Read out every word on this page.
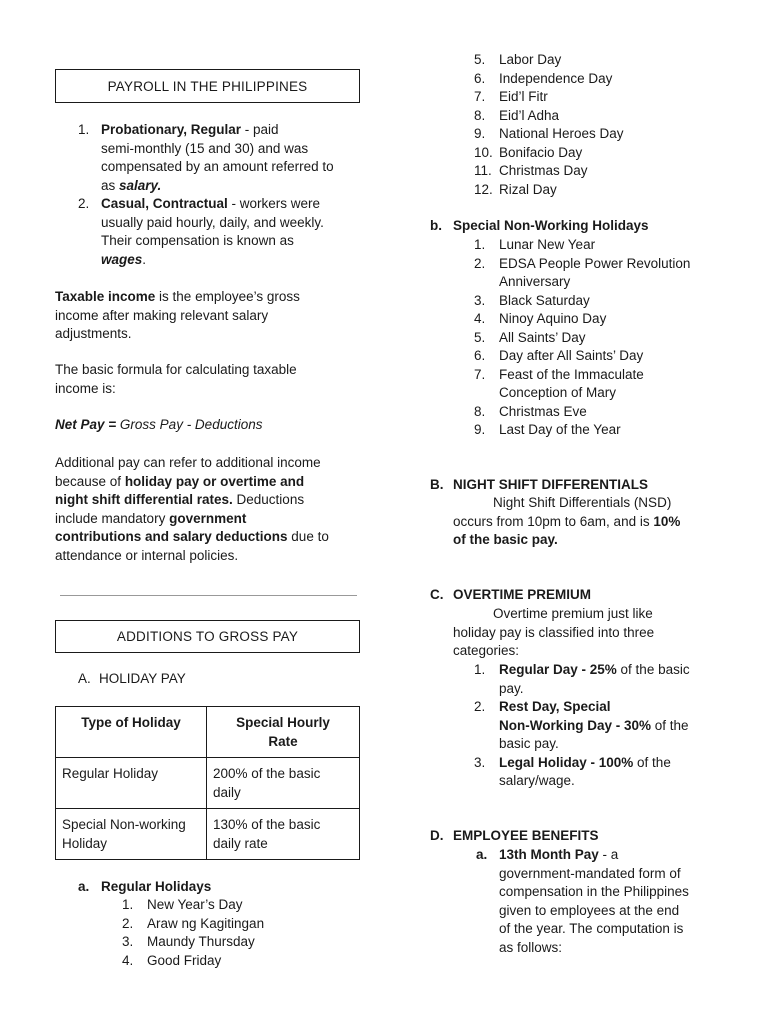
PAYROLL IN THE PHILIPPINES
1. Probationary, Regular - paid
semi-monthly (15 and 30) and was
compensated by an amount referred to
as salary.
2. Casual, Contractual - workers were
usually paid hourly, daily, and weekly.
Their compensation is known as
wages.
Taxable income is the employee’s gross
income after making relevant salary
adjustments.
The basic formula for calculating taxable
income is:
Net Pay = Gross Pay - Deductions
Additional pay can refer to additional income
because of holiday pay or overtime and
night shift differential rates. Deductions
include mandatory government
contributions and salary deductions due to
attendance or internal policies.
ADDITIONS TO GROSS PAY
A. HOLIDAY PAY
Type of Holiday	Special Hourly Rate
Regular Holiday	200% of the basic daily
Special Non-working Holiday	130% of the basic daily rate
a. Regular Holidays
1.	New Year’s Day
2.	Araw ng Kagitingan
3.	Maundy Thursday
4.	Good Friday
5.	Labor Day
6.	Independence Day
7.	Eid’l Fitr
8.	Eid’l Adha
9.	National Heroes Day
10. Bonifacio Day
11. Christmas Day
12. Rizal Day
b. Special Non-Working Holidays
1.	Lunar New Year
2.	EDSA People Power Revolution
Anniversary
3.	Black Saturday
4.	Ninoy Aquino Day
5.	All Saints’ Day
6.	Day after All Saints’ Day
7.	Feast of the Immaculate
Conception of Mary
8.	Christmas Eve
9.	Last Day of the Year
B. NIGHT SHIFT DIFFERENTIALS
Night Shift Differentials (NSD)
occurs from 10pm to 6am, and is 10%
of the basic pay.
C. OVERTIME PREMIUM
Overtime premium just like
holiday pay is classified into three
categories:
1.	Regular Day - 25% of the basic
pay.
2.	Rest Day, Special
Non-Working Day - 30% of the
basic pay.
3.	Legal Holiday - 100% of the
salary/wage.
D. EMPLOYEE BENEFITS
a. 13th Month Pay - a
government-mandated form of
compensation in the Philippines
given to employees at the end
of the year. The computation is
as follows:
